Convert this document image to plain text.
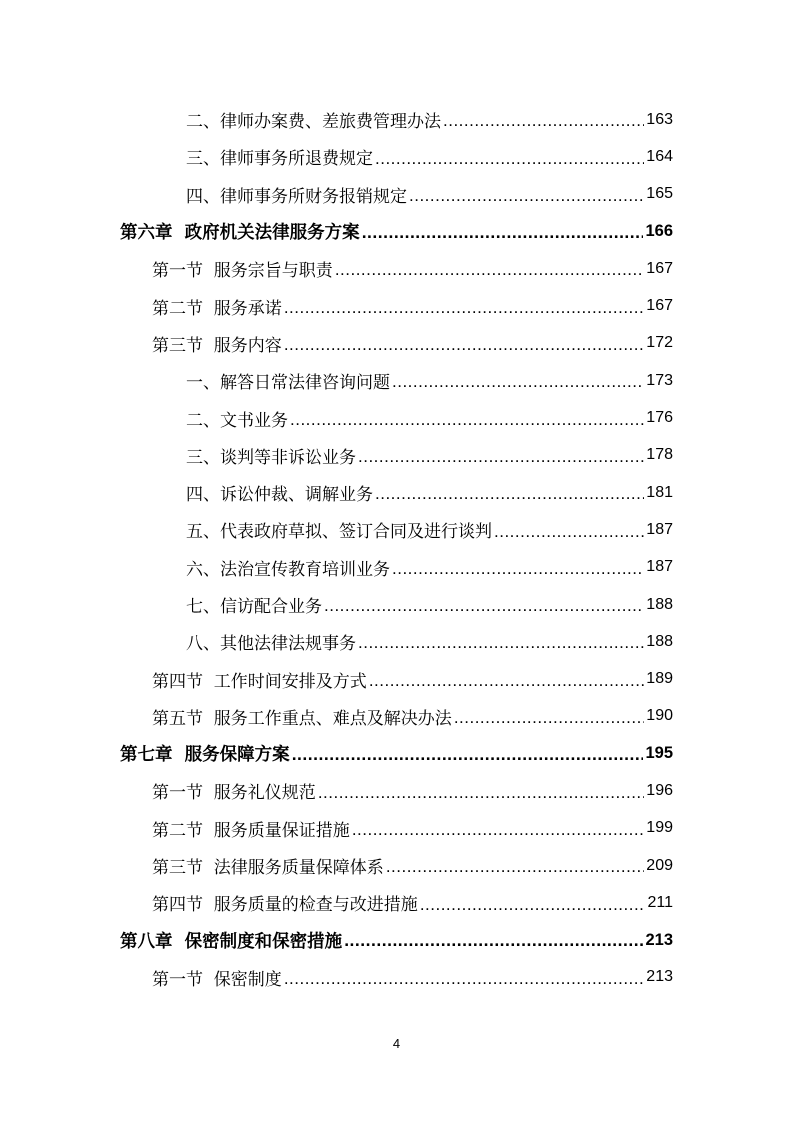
二、律师办案费、差旅费管理办法 .....	163
三、律师事务所退费规定 .....	164
四、律师事务所财务报销规定 .....	165
第六章  政府机关法律服务方案 .....	166
第一节  服务宗旨与职责 .....	167
第二节  服务承诺 .....	167
第三节  服务内容 .....	172
一、解答日常法律咨询问题 .....	173
二、文书业务 .....	176
三、谈判等非诉讼业务 .....	178
四、诉讼仲裁、调解业务 .....	181
五、代表政府草拟、签订合同及进行谈判 .....	187
六、法治宣传教育培训业务 .....	187
七、信访配合业务 .....	188
八、其他法律法规事务 .....	188
第四节  工作时间安排及方式 .....	189
第五节  服务工作重点、难点及解决办法 .....	190
第七章  服务保障方案 .....	195
第一节  服务礼仪规范 .....	196
第二节  服务质量保证措施 .....	199
第三节  法律服务质量保障体系 .....	209
第四节  服务质量的检查与改进措施 .....	211
第八章  保密制度和保密措施 .....	213
第一节  保密制度 .....	213
4
